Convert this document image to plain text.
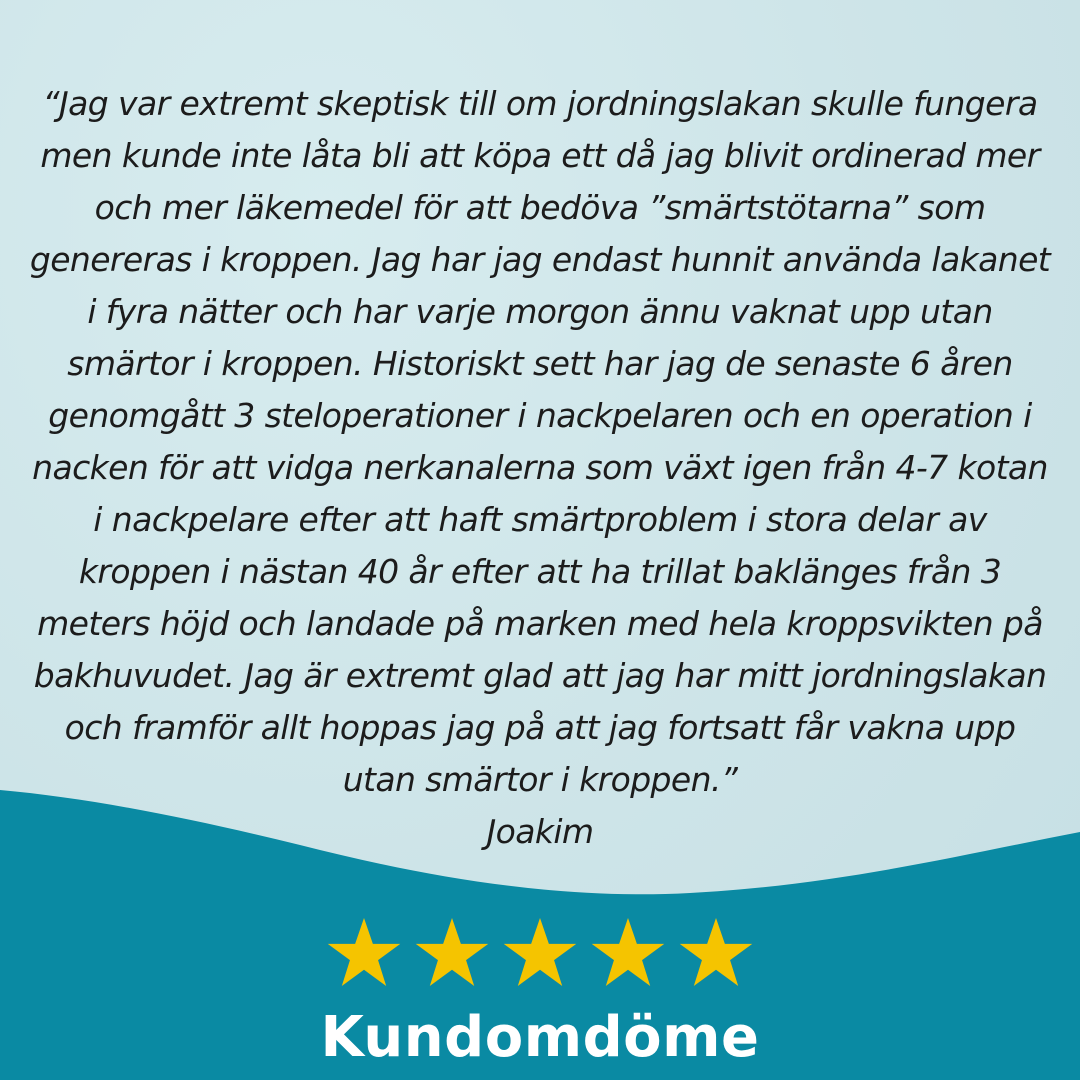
“Jag var extremt skeptisk till om jordningslakan skulle fungera
men kunde inte låta bli att köpa ett då jag blivit ordinerad mer
och mer läkemedel för att bedöva ”smärtstötarna” som
genereras i kroppen. Jag har jag endast hunnit använda lakanet
i fyra nätter och har varje morgon ännu vaknat upp utan
smärtor i kroppen. Historiskt sett har jag de senaste 6 åren
genomgått 3 steloperationer i nackpelaren och en operation i
nacken för att vidga nerkanalerna som växt igen från 4-7 kotan
i nackpelare efter att haft smärtproblem i stora delar av
kroppen i nästan 40 år efter att ha trillat baklänges från 3
meters höjd och landade på marken med hela kroppsvikten på
bakhuvudet. Jag är extremt glad att jag har mitt jordningslakan
och framför allt hoppas jag på att jag fortsatt får vakna upp
utan smärtor i kroppen.”
Joakim
Kundomdöme
